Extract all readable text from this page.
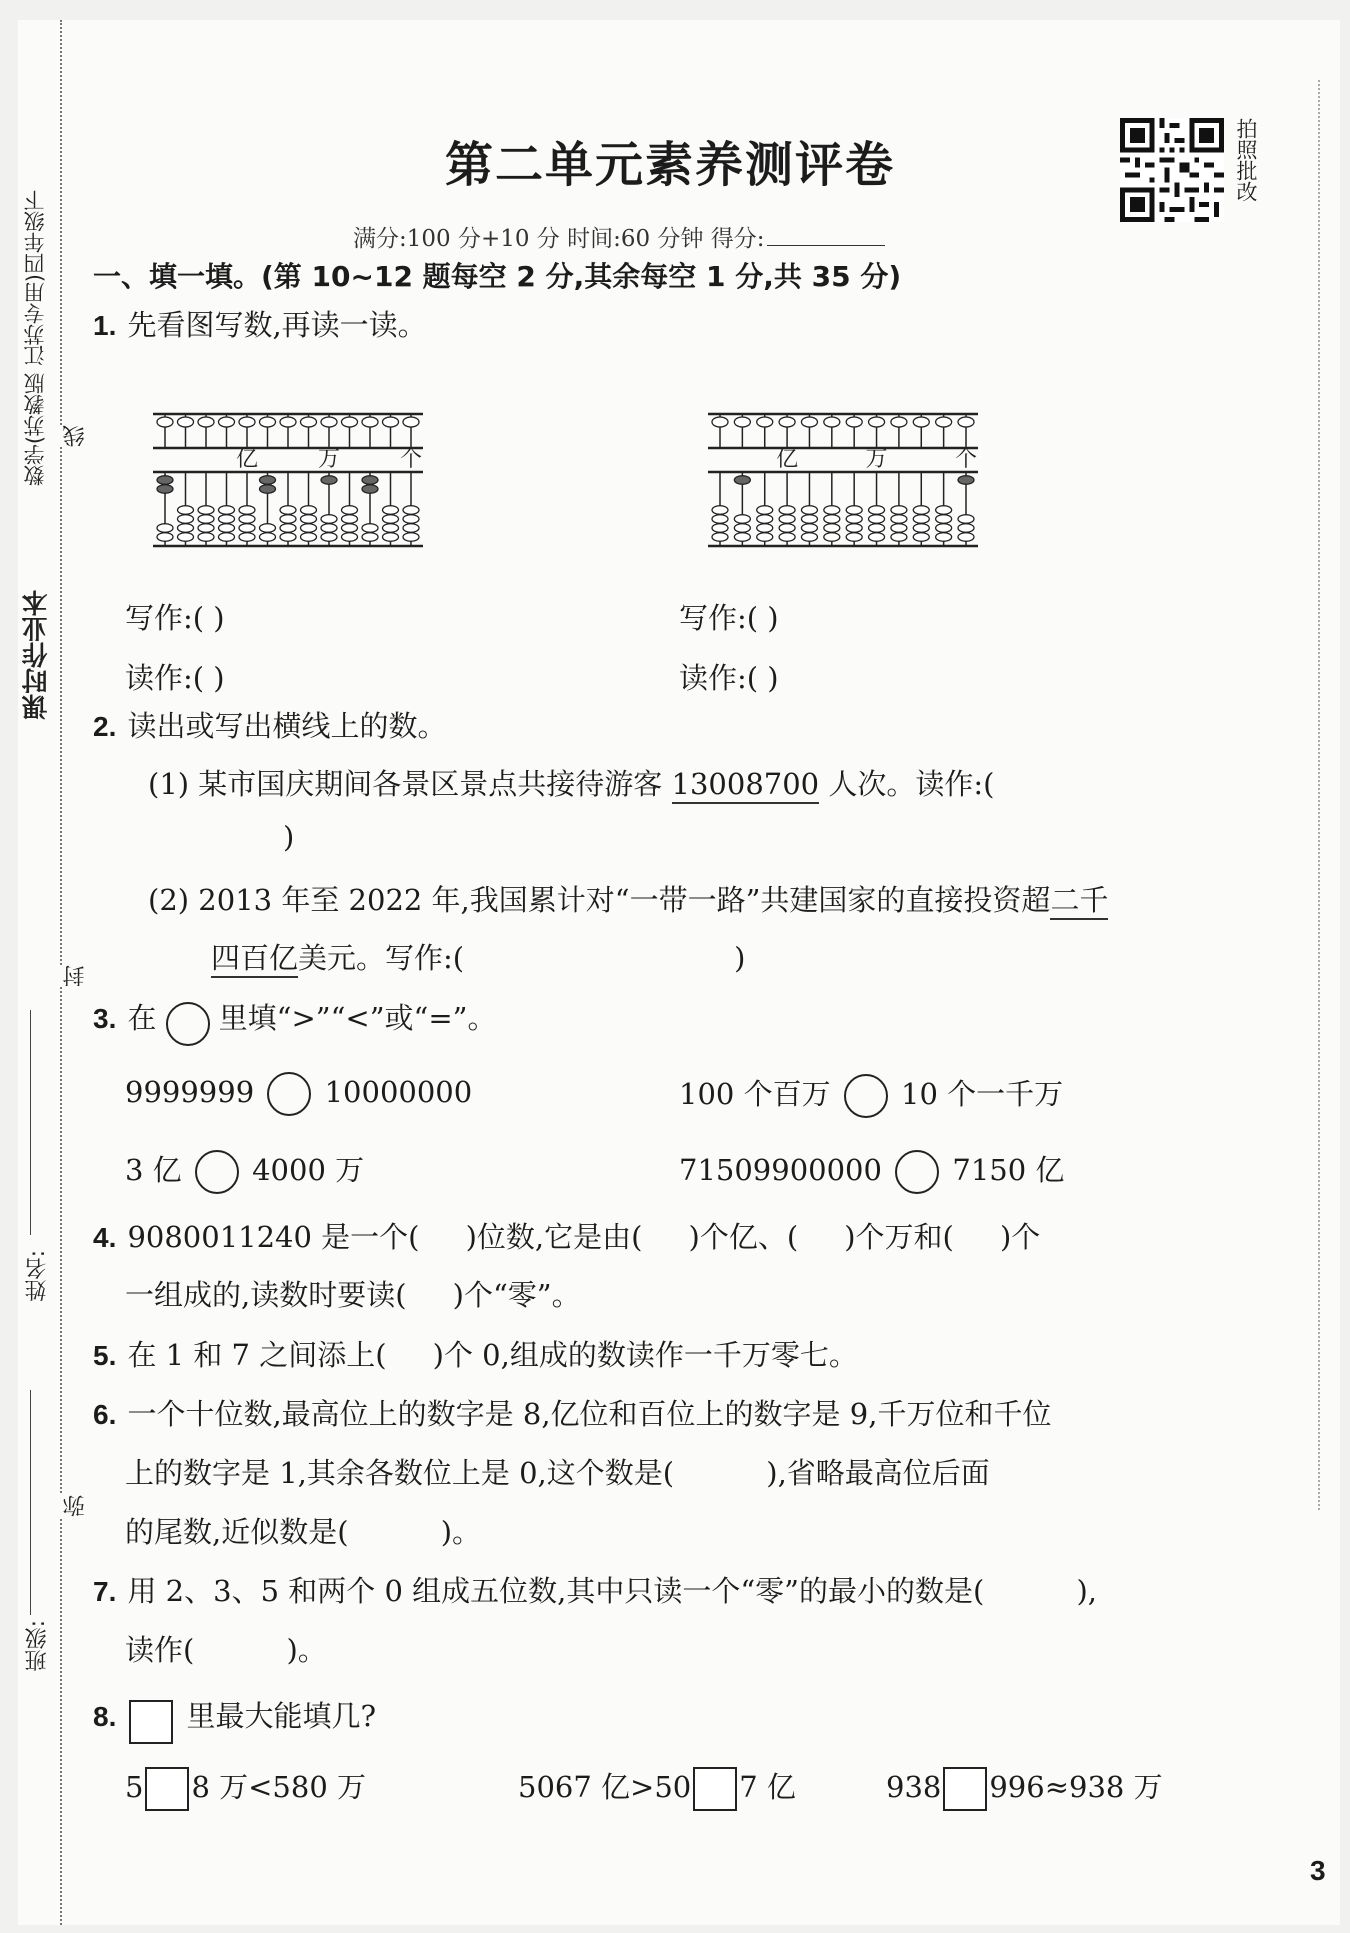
课时作业本
数学(苏教版 江苏专用)四年级下 线
封
弥
姓名:
班级:
第二单元素养测评卷
满分:100 分+10 分 时间:60 分钟 得分:
拍照批改
一、填一填。(第 10~12 题每空 2 分,其余每空 1 分,共 35 分)
1. 先看图写数,再读一读。
亿	万	个	亿	万	个
写作:( )
读作:( )
写作:( )
读作:( )
2. 读出或写出横线上的数。
(1) 某市国庆期间各景区景点共接待游客 13008700 人次。读作:(
)
(2) 2013 年至 2022 年,我国累计对“一带一路”共建国家的直接投资超二千
四百亿美元。写作:(	)
3. 在 里填“>”“<”或“=”。
9999999 10000000	100 个百万 10 个一千万
3 亿 4000 万	71509900000 7150 亿
4. 9080011240 是一个(     )位数,它是由(     )个亿、(     )个万和(     )个
一组成的,读数时要读(     )个“零”。
5. 在 1 和 7 之间添上(     )个 0,组成的数读作一千万零七。
6. 一个十位数,最高位上的数字是 8,亿位和百位上的数字是 9,千万位和千位
上的数字是 1,其余各数位上是 0,这个数是(          ),省略最高位后面
的尾数,近似数是(          )。
7. 用 2、3、5 和两个 0 组成五位数,其中只读一个“零”的最小的数是(          ),
读作(          )。
8. 里最大能填几?
5 8 万<580 万	5067 亿>50 7 亿	938 996≈938 万
3
